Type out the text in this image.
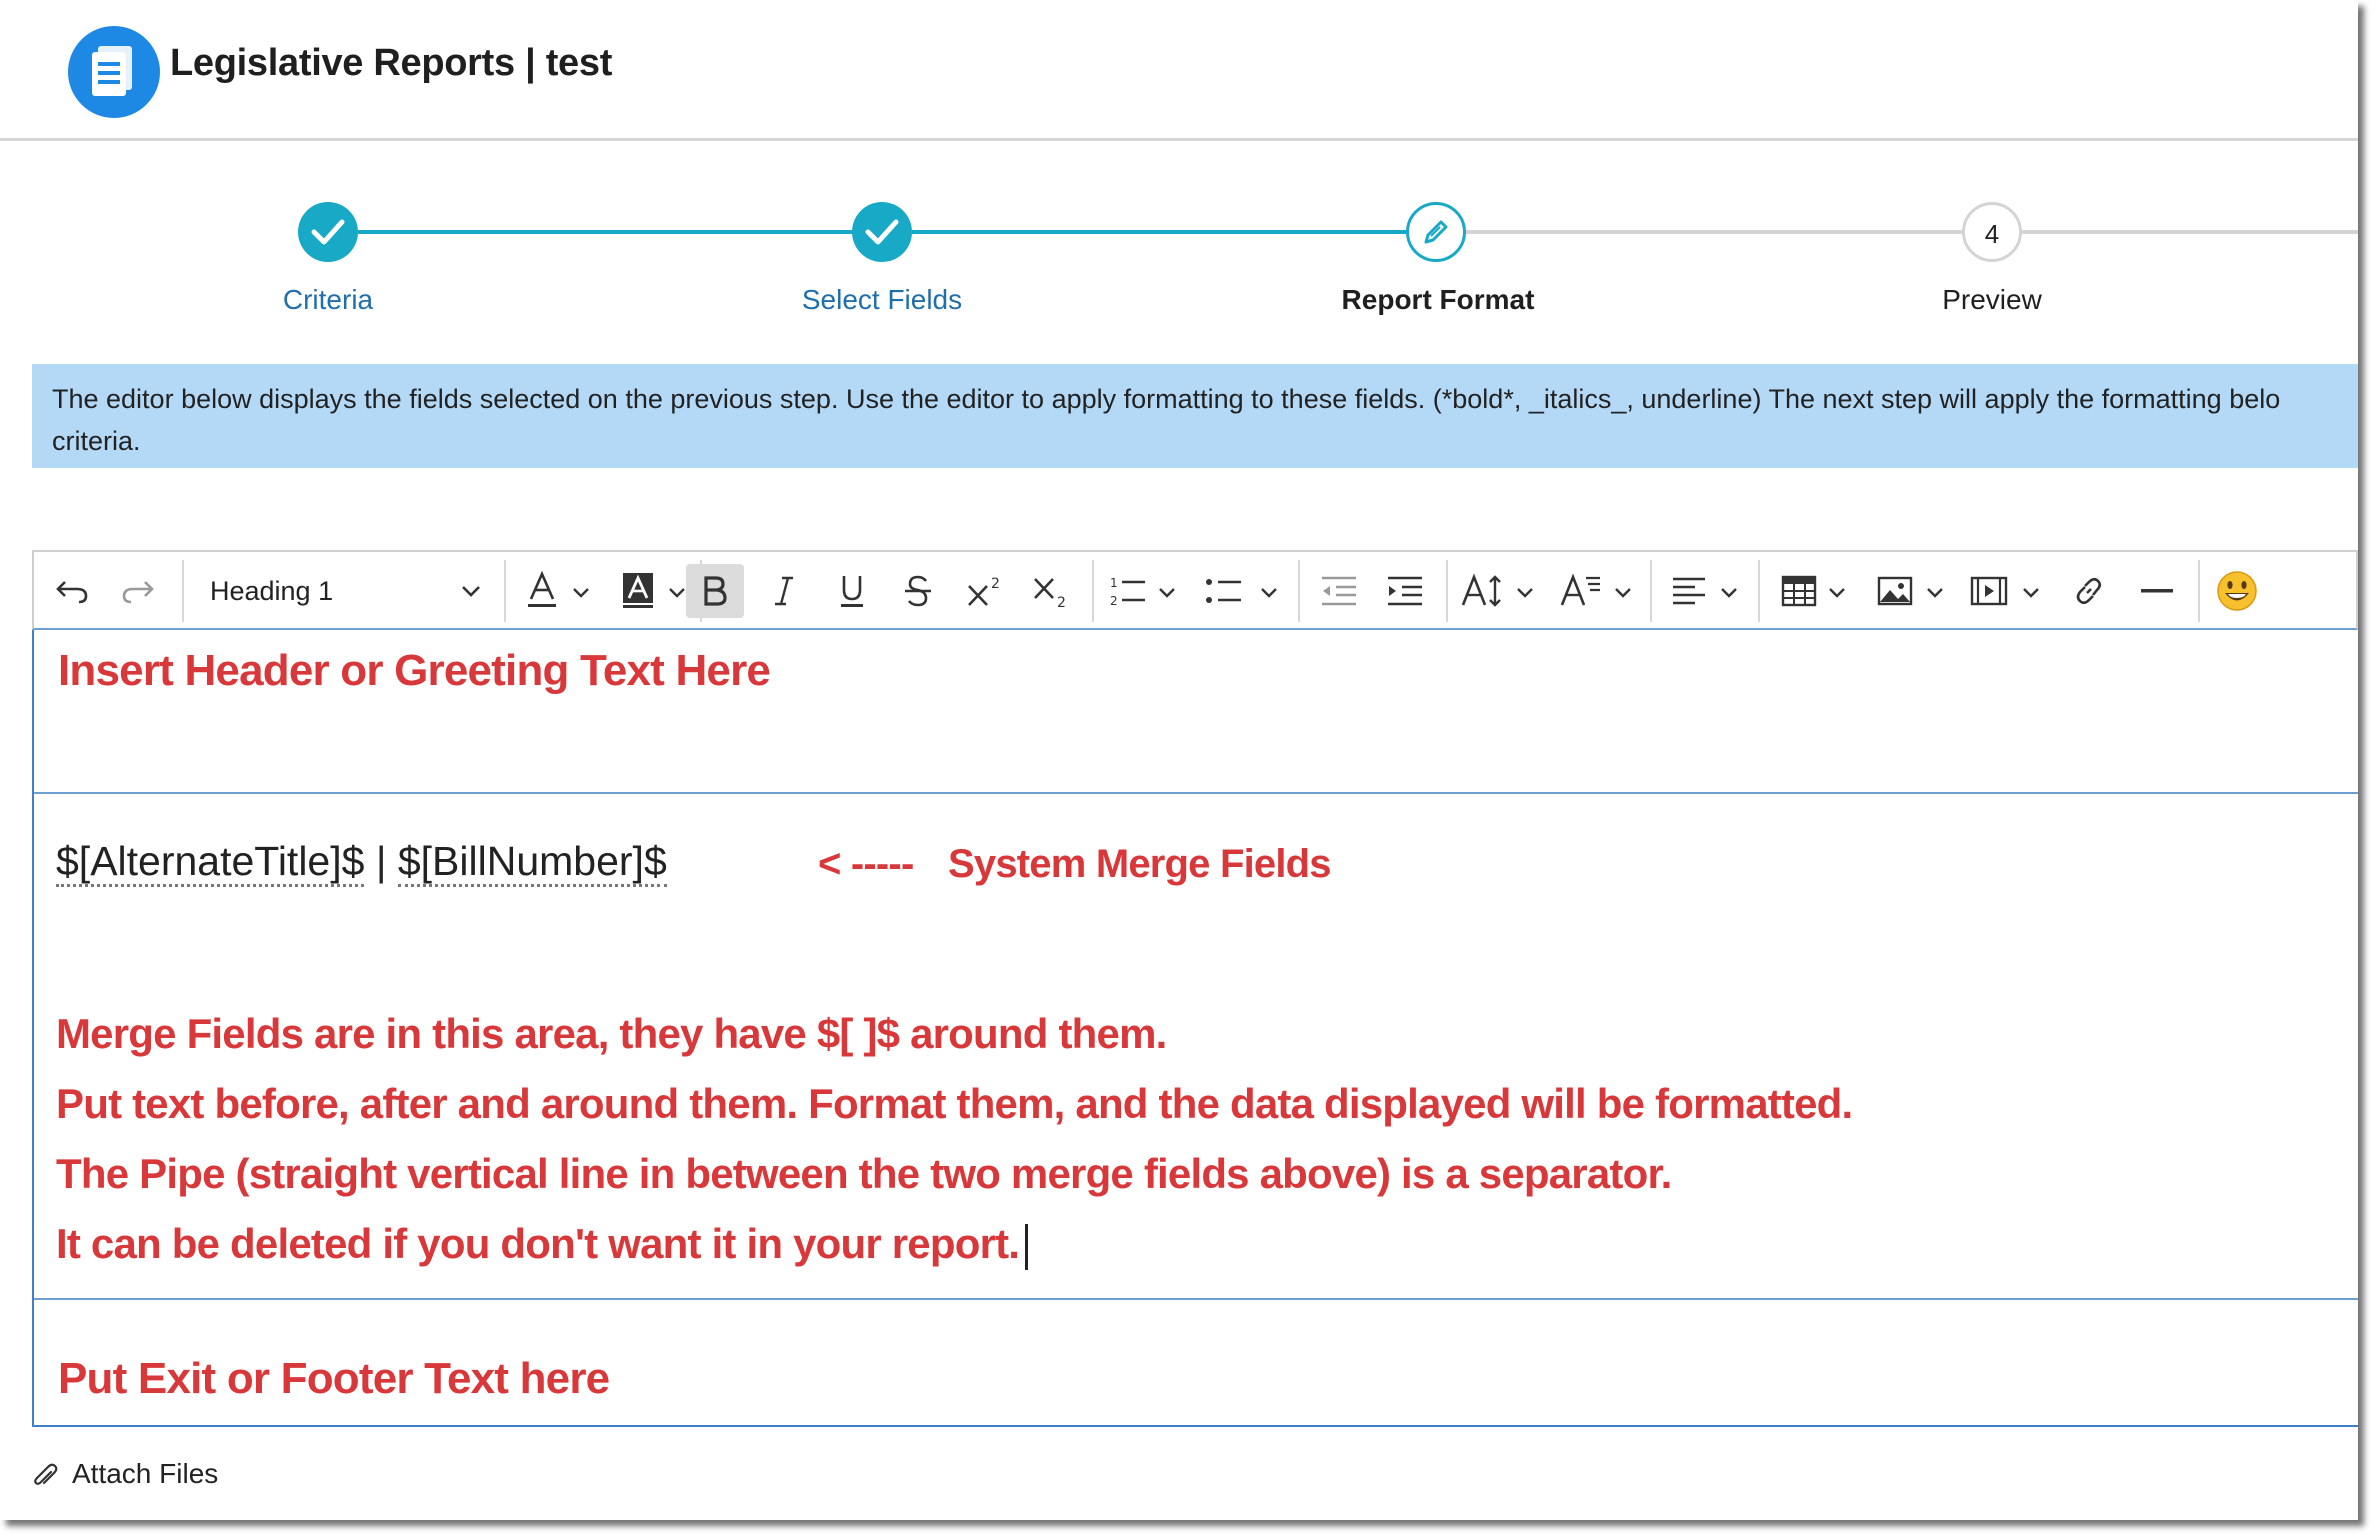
Legislative Reports | test
4
Criteria	Select Fields	Report Format	Preview
The editor below displays the fields selected on the previous step. Use the editor to apply formatting to these fields. (*bold*, _italics_, underline) The next step will apply the formatting belo
criteria.
Heading 1	2
2
1
2
Insert Header or Greeting Text Here
$[AlternateTitle]$ | $[BillNumber]$	< ----- System Merge Fields
Merge Fields are in this area, they have $[ ]$ around them.
Put text before, after and around them. Format them, and the data displayed will be formatted.
The Pipe (straight vertical line in between the two merge fields above) is a separator.
It can be deleted if you don't want it in your report.
Put Exit or Footer Text here
Attach Files
